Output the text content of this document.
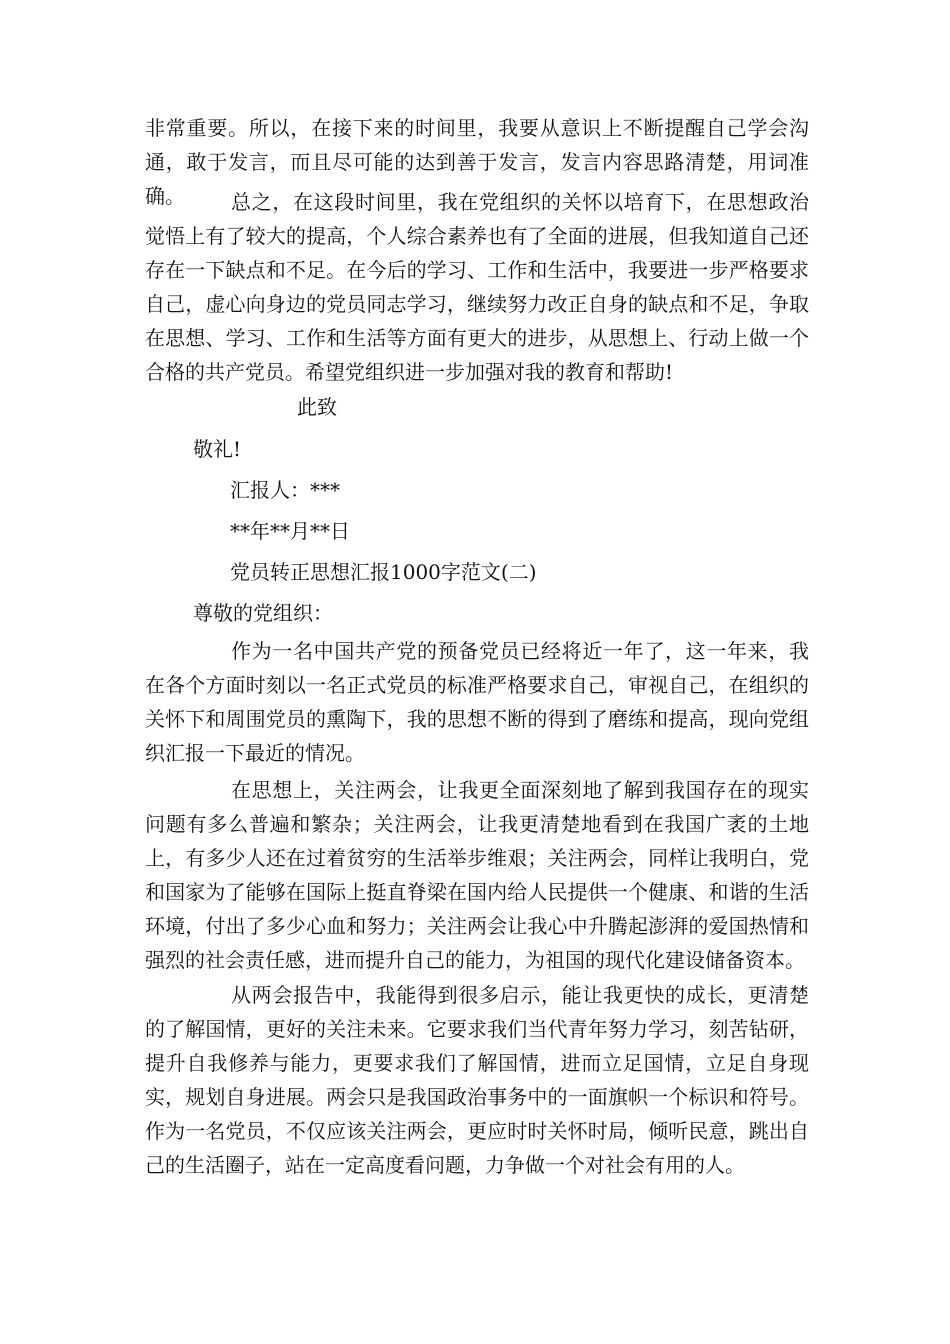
非常重要。所以，在接下来的时间里，我要从意识上不断提醒自己学会沟通，敢于发言，而且尽可能的达到善于发言，发言内容思路清楚，用词准确。	总之，在这段时间里，我在党组织的关怀以培育下，在思想政治觉悟上有了较大的提高，个人综合素养也有了全面的进展，但我知道自己还存在一下缺点和不足。在今后的学习、工作和生活中，我要进一步严格要求自己，虚心向身边的党员同志学习，继续努力改正自身的缺点和不足，争取在思想、学习、工作和生活等方面有更大的进步，从思想上、行动上做一个合格的共产党员。希望党组织进一步加强对我的教育和帮助!

此致

敬礼!

汇报人：***

**年**月**日

党员转正思想汇报1000字范文(二)

尊敬的党组织：

作为一名中国共产党的预备党员已经将近一年了，这一年来，我在各个方面时刻以一名正式党员的标准严格要求自己，审视自己，在组织的关怀下和周围党员的熏陶下，我的思想不断的得到了磨练和提高，现向党组织汇报一下最近的情况。

在思想上，关注两会，让我更全面深刻地了解到我国存在的现实问题有多么普遍和繁杂；关注两会，让我更清楚地看到在我国广袤的土地上，有多少人还在过着贫穷的生活举步维艰；关注两会，同样让我明白，党和国家为了能够在国际上挺直脊梁在国内给人民提供一个健康、和谐的生活环境，付出了多少心血和努力；关注两会让我心中升腾起澎湃的爱国热情和强烈的社会责任感，进而提升自己的能力，为祖国的现代化建设储备资本。

从两会报告中，我能得到很多启示，能让我更快的成长，更清楚的了解国情，更好的关注未来。它要求我们当代青年努力学习，刻苦钻研，提升自我修养与能力，更要求我们了解国情，进而立足国情，立足自身现实，规划自身进展。两会只是我国政治事务中的一面旗帜一个标识和符号。作为一名党员，不仅应该关注两会，更应时时关怀时局，倾听民意，跳出自己的生活圈子，站在一定高度看问题，力争做一个对社会有用的人。
